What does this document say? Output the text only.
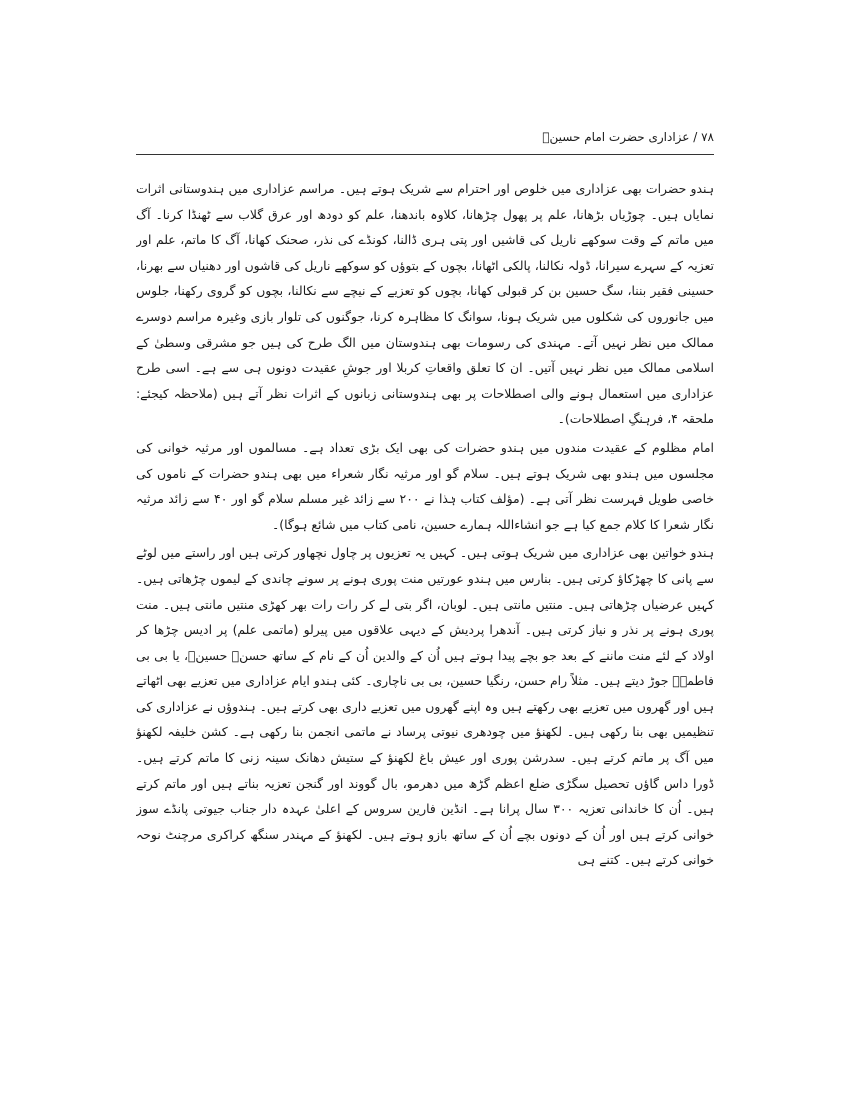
۷۸ / عزاداری حضرت امام حسینؑ

ہندو حضرات بھی عزاداری میں خلوص اور احترام سے شریک ہوتے ہیں۔ مراسم عزاداری میں ہندوستانی اثرات نمایاں ہیں۔ چوڑیاں بڑھانا، علم پر پھول چڑھانا، کلاوہ باندھنا، علم کو دودھ اور عرق گلاب سے ٹھنڈا کرنا۔ آگ میں ماتم کے وقت سوکھے ناریل کی قاشیں اور پتی ہری ڈالنا، کونڈے کی نذر، صحنک کھانا، آگ کا ماتم، علم اور تعزیہ کے سہرے سیرانا، ڈولہ نکالنا، پالکی اٹھانا، بچوں کے بتوؤں کو سوکھے ناریل کی قاشوں اور دھنیاں سے بھرنا، حسینی فقیر بننا، سگ حسین بن کر قبولی کھانا، بچوں کو تعزیے کے نیچے سے نکالنا، بچوں کو گروی رکھنا، جلوس میں جانوروں کی شکلوں میں شریک ہونا، سوانگ کا مظاہرہ کرنا، جوگنوں کی تلوار بازی وغیرہ مراسم دوسرے ممالک میں نظر نہیں آتے۔ مہندی کی رسومات بھی ہندوستان میں الگ طرح کی ہیں جو مشرقی وسطیٰ کے اسلامی ممالک میں نظر نہیں آتیں۔ ان کا تعلق واقعاتِ کربلا اور جوشِ عقیدت دونوں ہی سے ہے۔ اسی طرح عزاداری میں استعمال ہونے والی اصطلاحات پر بھی ہندوستانی زبانوں کے اثرات نظر آتے ہیں (ملاحظہ کیجئے: ملحقہ ۴، فرہنگِ اصطلاحات)۔

امام مظلوم کے عقیدت مندوں میں ہندو حضرات کی بھی ایک بڑی تعداد ہے۔ مسالموں اور مرثیہ خوانی کی مجلسوں میں ہندو بھی شریک ہوتے ہیں۔ سلام گو اور مرثیہ نگار شعراء میں بھی ہندو حضرات کے ناموں کی خاصی طویل فہرست نظر آتی ہے۔ (مؤلف کتاب ہٰذا نے ۲۰۰ سے زائد غیر مسلم سلام گو اور ۴۰ سے زائد مرثیہ نگار شعرا کا کلام جمع کیا ہے جو انشاءاللہ ہمارے حسین، نامی کتاب میں شائع ہوگا)۔

ہندو خواتین بھی عزاداری میں شریک ہوتی ہیں۔ کہیں یہ تعزیوں پر چاول نچھاور کرتی ہیں اور راستے میں لوٹے سے پانی کا چھڑکاؤ کرتی ہیں۔ بنارس میں ہندو عورتیں منت پوری ہونے پر سونے چاندی کے لیموں چڑھاتی ہیں۔ کہیں عرضیاں چڑھاتی ہیں۔ منتیں مانتی ہیں۔ لوبان، اگر بتی لے کر رات رات بھر کھڑی منتیں مانتی ہیں۔ منت پوری ہونے پر نذر و نیاز کرتی ہیں۔ آندھرا پردیش کے دیہی علاقوں میں پیرلو (ماتمی علم) پر ادیس چڑھا کر اولاد کے لئے منت ماننے کے بعد جو بچے پیدا ہوتے ہیں اُن کے والدین اُن کے نام کے ساتھ حسنؑ حسینؑ، یا بی بی فاطمہؑ جوڑ دیتے ہیں۔ مثلاً رام حسن، رنگیا حسین، بی بی ناچاری۔ کئی ہندو ایام عزاداری میں تعزیے بھی اٹھاتے ہیں اور گھروں میں تعزیے بھی رکھتے ہیں وہ اپنے گھروں میں تعزیے داری بھی کرتے ہیں۔ ہندوؤں نے عزاداری کی تنظیمیں بھی بنا رکھی ہیں۔ لکھنؤ میں چودھری نیوتی پرساد نے ماتمی انجمن بنا رکھی ہے۔ کشن خلیفہ لکھنؤ میں آگ پر ماتم کرتے ہیں۔ سدرشن پوری اور عیش باغ لکھنؤ کے ستیش دھانک سینہ زنی کا ماتم کرتے ہیں۔ ڈورا داس گاؤں تحصیل سگڑی ضلع اعظم گڑھ میں دھرمو، بال گووند اور گنجن تعزیہ بناتے ہیں اور ماتم کرتے ہیں۔ اُن کا خاندانی تعزیہ ۳۰۰ سال پرانا ہے۔ انڈین فارین سروس کے اعلیٰ عہدہ دار جناب جیوتی پانڈے سوز خوانی کرتے ہیں اور اُن کے دونوں بچے اُن کے ساتھ بازو ہوتے ہیں۔ لکھنؤ کے مہندر سنگھ کراکری مرچنٹ نوحہ خوانی کرتے ہیں۔ کتنے ہی
